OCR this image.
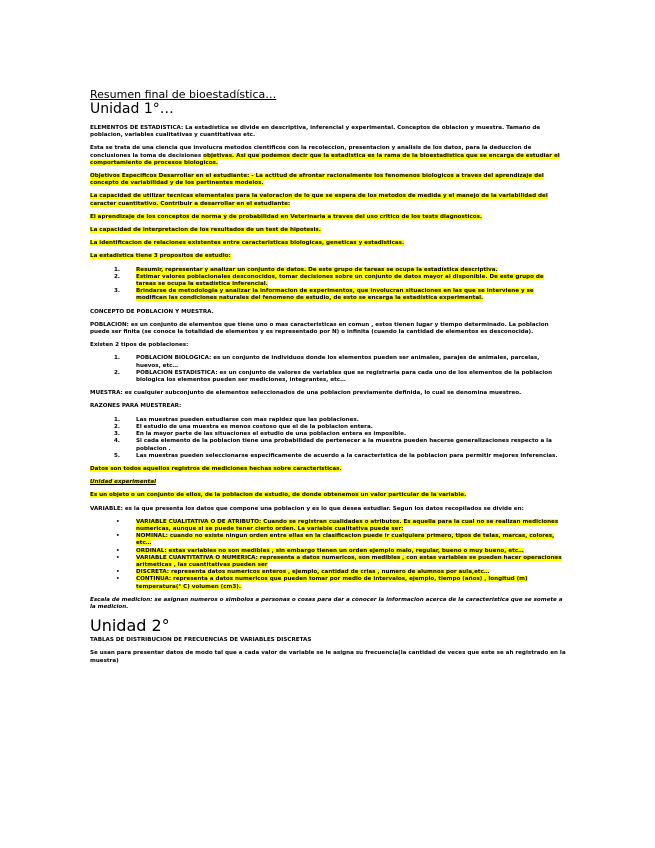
Resumen final de bioestadística…
Unidad 1°…

ELEMENTOS DE ESTADISTICA: La estadística se divide en descriptiva, inferencial y experimental. Conceptos de oblacion y muestra. Tamaño de poblacion, variables cualitativas y cuantitativas etc.

Esta se trata de una ciencia que involucra metodos cientificos con la recoleccion, presentacion y analisis de los datos, para la deduccion de conclusiones la toma de decisiones objetivas. Asi que podemos decir que la estadistica es la rama de la bioestadistica que se encarga de estudiar el comportamiento de procesos biologicos.

Objetivos Especificos Desarrollar en el estudiante: - La actitud de afrontar racionalmente los fenomenos biologicos a traves del aprendizaje del concepto de variabilidad y de los pertinentes modelos.

La capacidad de utilizar tecnicas elementales para la valoracion de lo que se espera de los metodos de medida y el manejo de la variabilidad del caracter cuantitativo. Contribuir a desarrollar en el estudiante:

El aprendizaje de los conceptos de norma y de probabilidad en Veterinaria a traves del uso critico de los tests diagnosticos.

La capacidad de interpretacion de los resultados de un test de hipotesis.

La identificacion de relaciones existentes entre caracteristicas biologicas, geneticas y estadisticas.

La estadistica tiene 3 propositos de estudio:

1.	Resumir, representar y analizar un conjunto de datos. De este grupo de tareas se ocupa la estadística descriptiva.
2.	Estimar valores poblacionales desconocidos, tomar decisiones sobre un conjunto de datos mayor al disponible. De este grupo de tareas se ocupa la estadística inferencial.
3.	Brindarse de metodologia y analizar la informacion de experimentos, que involucran situaciones en las que se interviene y se modifican las condiciones naturales del fenomeno de estudio, de esto se encarga la estadística experimental.

CONCEPTO DE POBLACION Y MUESTRA.

POBLACION: es un conjunto de elementos que tiene uno o mas caracteristicas en comun , estos tienen lugar y tiempo determinado. La poblacion puede ser finita (se conoce la totalidad de elementos y es representado por N) o infinita (cuando la cantidad de elementos es desconocida).

Existen 2 tipos de poblaciones:

1.	POBLACION BIOLOGICA: es un conjunto de individuos donde los elementos pueden ser animales, parajes de animales, parcelas, huevos, etc…
2.	POBLACION ESTADISTICA: es un conjunto de valores de variables que se registraria para cada uno de los elementos de la poblacion biologica los elementos pueden ser mediciones, integrantes, etc…

MUESTRA: es cualquier subconjunto de elementos seleccionados de una poblacion previamente definida, lo cual se denomina muestreo.

RAZONES PARA MUESTREAR:

1.	Las muestras pueden estudiarse con mas rapidez que las poblaciones.
2.	El estudio de una muestra es menos costoso que el de la poblacion entera.
3.	En la mayor parte de las situaciones el estudio de una poblacion entera es imposible.
4.	Si cada elemento de la poblacion tiene una probabilidad de pertenecer a la muestra pueden hacerse generalizaciones respecto a la poblacion .
5.	Las muestras pueden seleccionarse especificamente de acuerdo a la caracteristica de la poblacion para permitir mejores inferencias.

Datos son todos aquellos registros de mediciones hechas sobre caracteristicas.

Unidad experimental

Es un objeto o un conjunto de ellos, de la poblacion de estudio, de donde obtenemos un valor particular de la variable.

VARIABLE: es la que presenta los datos que compone una poblacion y es lo que desea estudiar. Segun los datos recopilados se divide en:

•	VARIABLE CUALITATIVA O DE ATRIBUTO: Cuando se registran cualidades o atributos. Es aquella para la cual no se realizan mediciones numericas, aunque si se puede tener cierto orden. La variable cualitativa puede ser:
•	NOMINAL: cuando no existe ningun orden entre ellas en la clasificacion puede ir cualquiera primero, tipos de telas, marcas, colores, etc…
•	ORDINAL: estas variables no son medibles , sin embargo tienen un orden ejemplo malo, regular, bueno o muy bueno, etc…
•	VARIABLE CUANTITATIVA O NUMERICA: representa a datos numericos, son medibles , con estas variables se pueden hacer operaciones aritmeticas , las cuantitativas pueden ser
•	DISCRETA: representa datos numericos enteros , ejemplo, cantidad de crias , numero de alumnos por aula,etc…
•	CONTINUA: representa a datos numericos que pueden tomar por medio de intervalos, ejemplo, tiempo (años) , longitud (m) temperatura(° C) volumen (cm3).

Escala de medicion: se asignan numeros o simbolos a personas o cosas para dar a conocer la informacion acerca de la caracteristica que se somete a la medicion.

Unidad 2°

TABLAS DE DISTRIBUCION DE FRECUENCIAS DE VARIABLES DISCRETAS

Se usan para presentar datos de modo tal que a cada valor de variable se le asigna su frecuencia(la cantidad de veces que este se ah registrado en la muestra)
